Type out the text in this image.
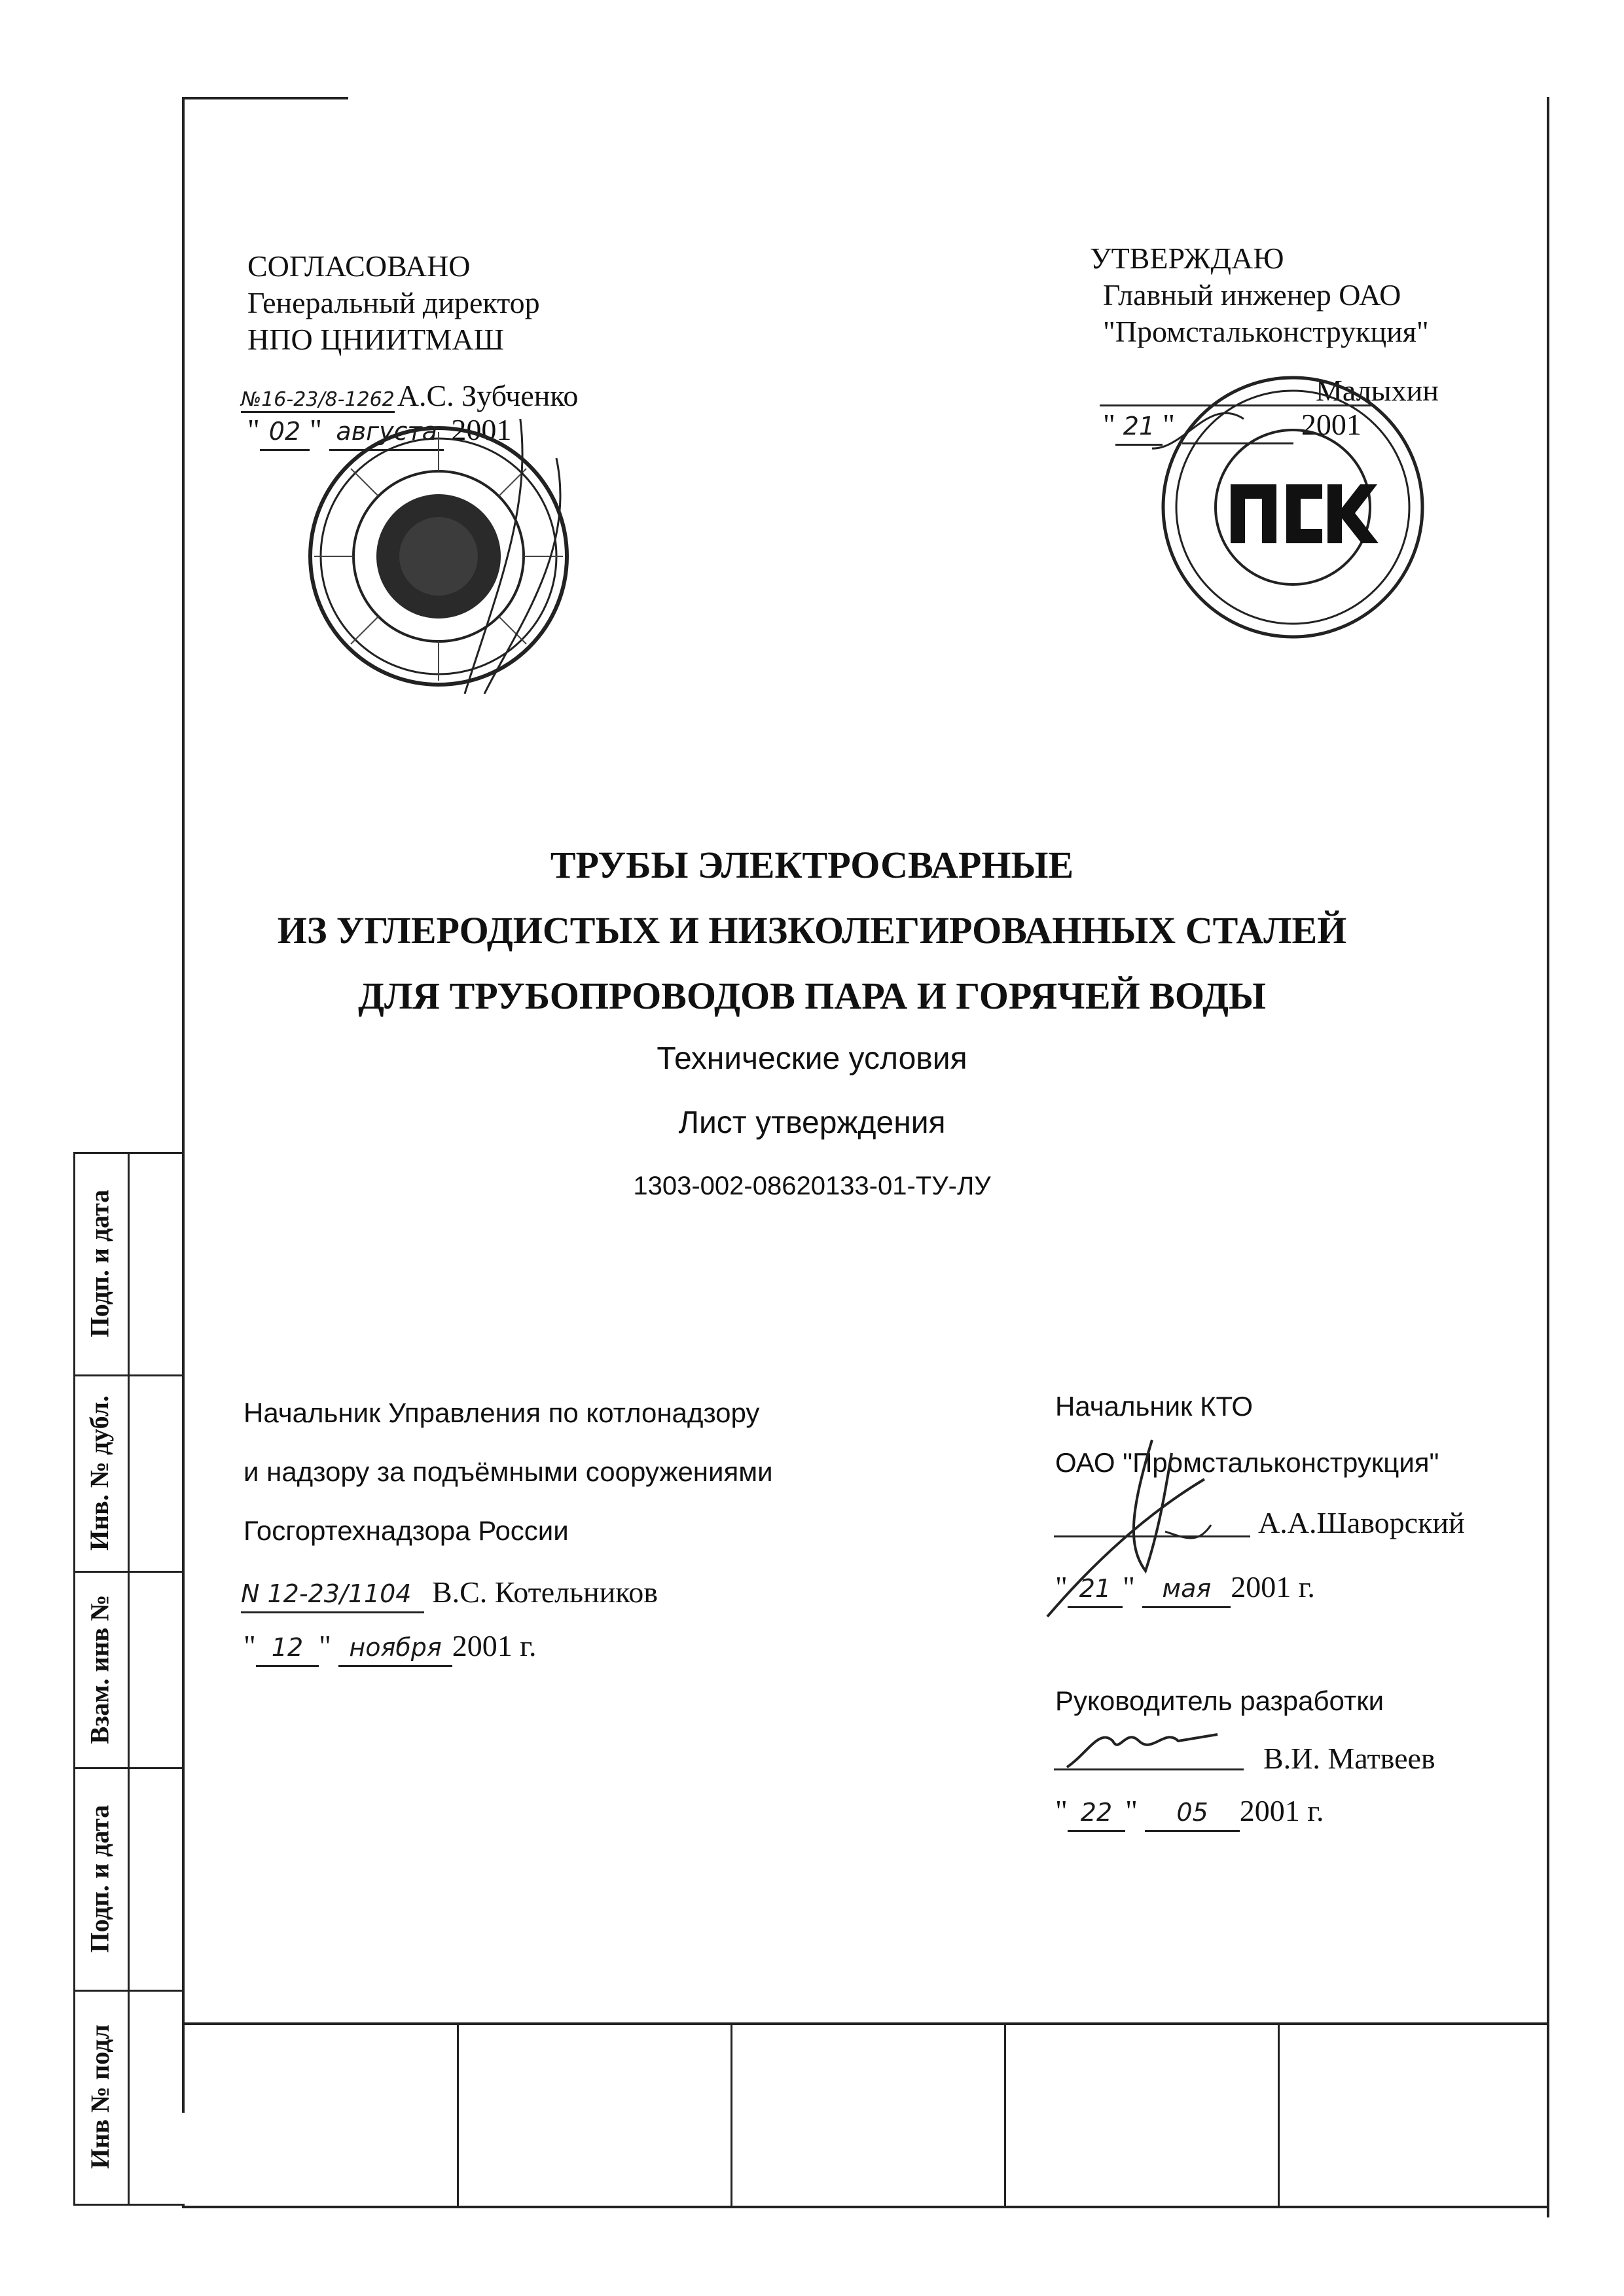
СОГЛАСОВАНО
Генеральный директор
НПО ЦНИИТМАШ
№16-23/8-1262 А.С. Зубченко
" 02 " августа 2001
УТВЕРЖДАЮ
Главный инженер ОАО
"Промстальконструкция"
Малыхин
" 21 "	2001
ТРУБЫ ЭЛЕКТРОСВАРНЫЕ
ИЗ УГЛЕРОДИСТЫХ И НИЗКОЛЕГИРОВАННЫХ СТАЛЕЙ
ДЛЯ ТРУБОПРОВОДОВ ПАРА И ГОРЯЧЕЙ ВОДЫ
Технические условия
Лист утверждения
1303-002-08620133-01-ТУ-ЛУ
Начальник Управления по котлонадзору
и надзору за подъёмными сооружениями
Госгортехнадзора России
N 12-23/1104 В.С. Котельников
" 12 " ноября 2001 г.
Начальник КТО
ОАО "Промстальконструкция"
А.А.Шаворский
" 21 " мая 2001 г.
Руководитель разработки
В.И. Матвеев
" 22 " 05 2001 г.
Подп. и дата
Инв. № дубл.
Взам. инв №
Подп. и дата
Инв № подл
